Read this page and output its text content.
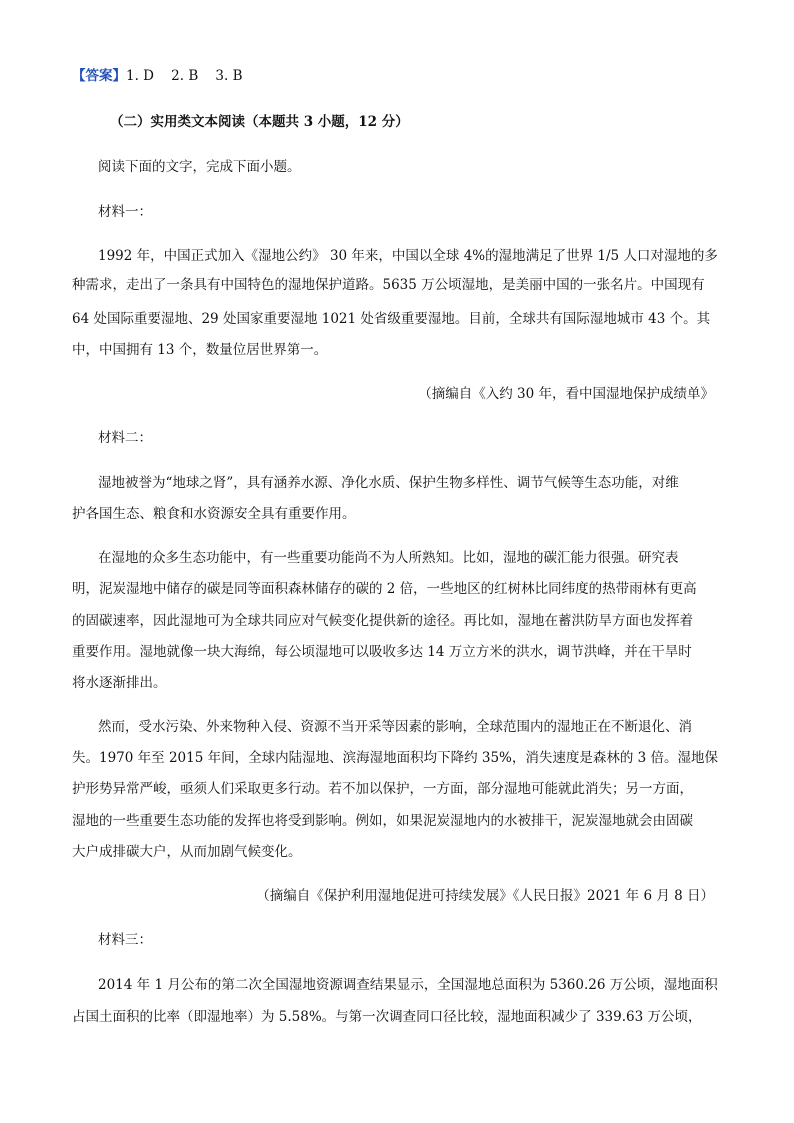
【答案】1. D    2. B    3. B
（二）实用类文本阅读（本题共 3 小题，12 分）
阅读下面的文字，完成下面小题。
材料一：
1992 年，中国正式加入《湿地公约》 30 年来，中国以全球 4%的湿地满足了世界 1/5 人口对湿地的多
种需求，走出了一条具有中国特色的湿地保护道路。5635 万公顷湿地，是美丽中国的一张名片。中国现有
64 处国际重要湿地、29 处国家重要湿地 1021 处省级重要湿地。目前，全球共有国际湿地城市 43 个。其
中，中国拥有 13 个，数量位居世界第一。
（摘编自《入约 30 年，看中国湿地保护成绩单》
材料二：
湿地被誉为“地球之肾”，具有涵养水源、净化水质、保护生物多样性、调节气候等生态功能，对维
护各国生态、粮食和水资源安全具有重要作用。
在湿地的众多生态功能中，有一些重要功能尚不为人所熟知。比如，湿地的碳汇能力很强。研究表
明，泥炭湿地中储存的碳是同等面积森林储存的碳的 2 倍，一些地区的红树林比同纬度的热带雨林有更高
的固碳速率，因此湿地可为全球共同应对气候变化提供新的途径。再比如，湿地在蓄洪防旱方面也发挥着
重要作用。湿地就像一块大海绵，每公顷湿地可以吸收多达 14 万立方米的洪水，调节洪峰，并在干旱时
将水逐渐排出。
然而，受水污染、外来物种入侵、资源不当开采等因素的影响，全球范围内的湿地正在不断退化、消
失。1970 年至 2015 年间，全球内陆湿地、滨海湿地面积均下降约 35%，消失速度是森林的 3 倍。湿地保
护形势异常严峻，亟须人们采取更多行动。若不加以保护，一方面，部分湿地可能就此消失；另一方面，
湿地的一些重要生态功能的发挥也将受到影响。例如，如果泥炭湿地内的水被排干，泥炭湿地就会由固碳
大户成排碳大户，从而加剧气候变化。
（摘编自《保护利用湿地促进可持续发展》《人民日报》2021 年 6 月 8 日）
材料三：
2014 年 1 月公布的第二次全国湿地资源调查结果显示，全国湿地总面积为 5360.26 万公顷，湿地面积
占国土面积的比率（即湿地率）为 5.58%。与第一次调查同口径比较，湿地面积减少了 339.63 万公顷，
